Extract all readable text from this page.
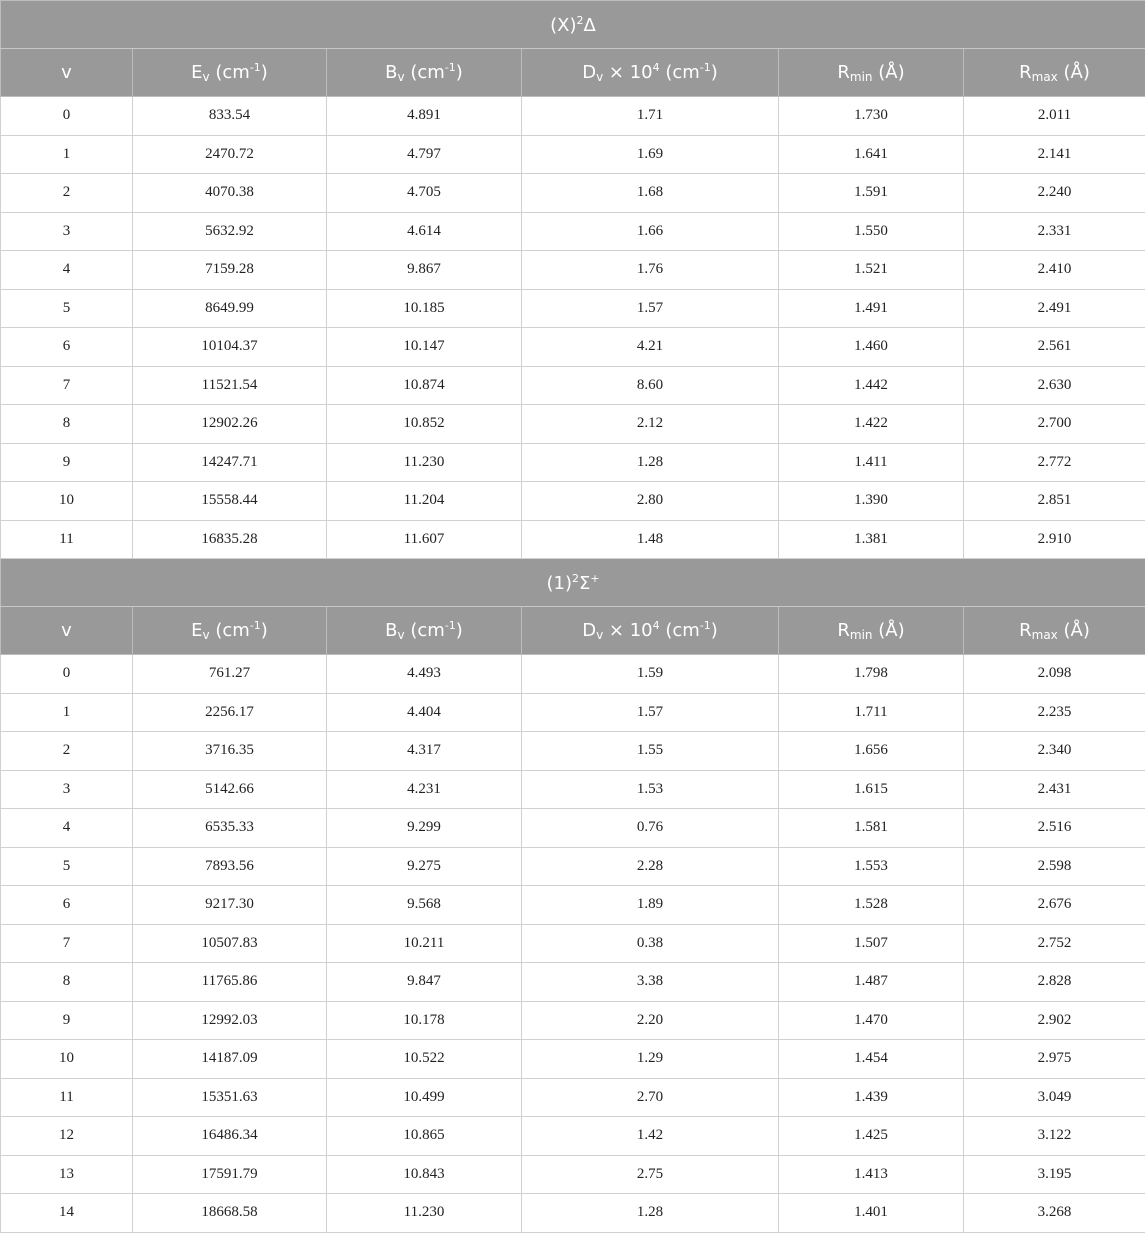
$(X)^2\Delta$					
v	$E_v$ $(cm^{-1})$	$B_v$ $(cm^{-1})$	$D_v \times 10^4$ $(cm^{-1})$	$R_{min}$ (Å)	$R_{max}$ (Å)
0	833.54	4.891	1.71	1.730	2.011
1	2470.72	4.797	1.69	1.641	2.141
2	4070.38	4.705	1.68	1.591	2.240
3	5632.92	4.614	1.66	1.550	2.331
4	7159.28	9.867	1.76	1.521	2.410
5	8649.99	10.185	1.57	1.491	2.491
6	10104.37	10.147	4.21	1.460	2.561
7	11521.54	10.874	8.60	1.442	2.630
8	12902.26	10.852	2.12	1.422	2.700
9	14247.71	11.230	1.28	1.411	2.772
10	15558.44	11.204	2.80	1.390	2.851
11	16835.28	11.607	1.48	1.381	2.910
$(1)^2\Sigma^+$
v	$E_v$ $(cm^{-1})$	$B_v$ $(cm^{-1})$	$D_v \times 10^4$ $(cm^{-1})$	$R_{min}$ (Å)	$R_{max}$ (Å)
0	761.27	4.493	1.59	1.798	2.098
1	2256.17	4.404	1.57	1.711	2.235
2	3716.35	4.317	1.55	1.656	2.340
3	5142.66	4.231	1.53	1.615	2.431
4	6535.33	9.299	0.76	1.581	2.516
5	7893.56	9.275	2.28	1.553	2.598
6	9217.30	9.568	1.89	1.528	2.676
7	10507.83	10.211	0.38	1.507	2.752
8	11765.86	9.847	3.38	1.487	2.828
9	12992.03	10.178	2.20	1.470	2.902
10	14187.09	10.522	1.29	1.454	2.975
11	15351.63	10.499	2.70	1.439	3.049
12	16486.34	10.865	1.42	1.425	3.122
13	17591.79	10.843	2.75	1.413	3.195
14	18668.58	11.230	1.28	1.401	3.268
